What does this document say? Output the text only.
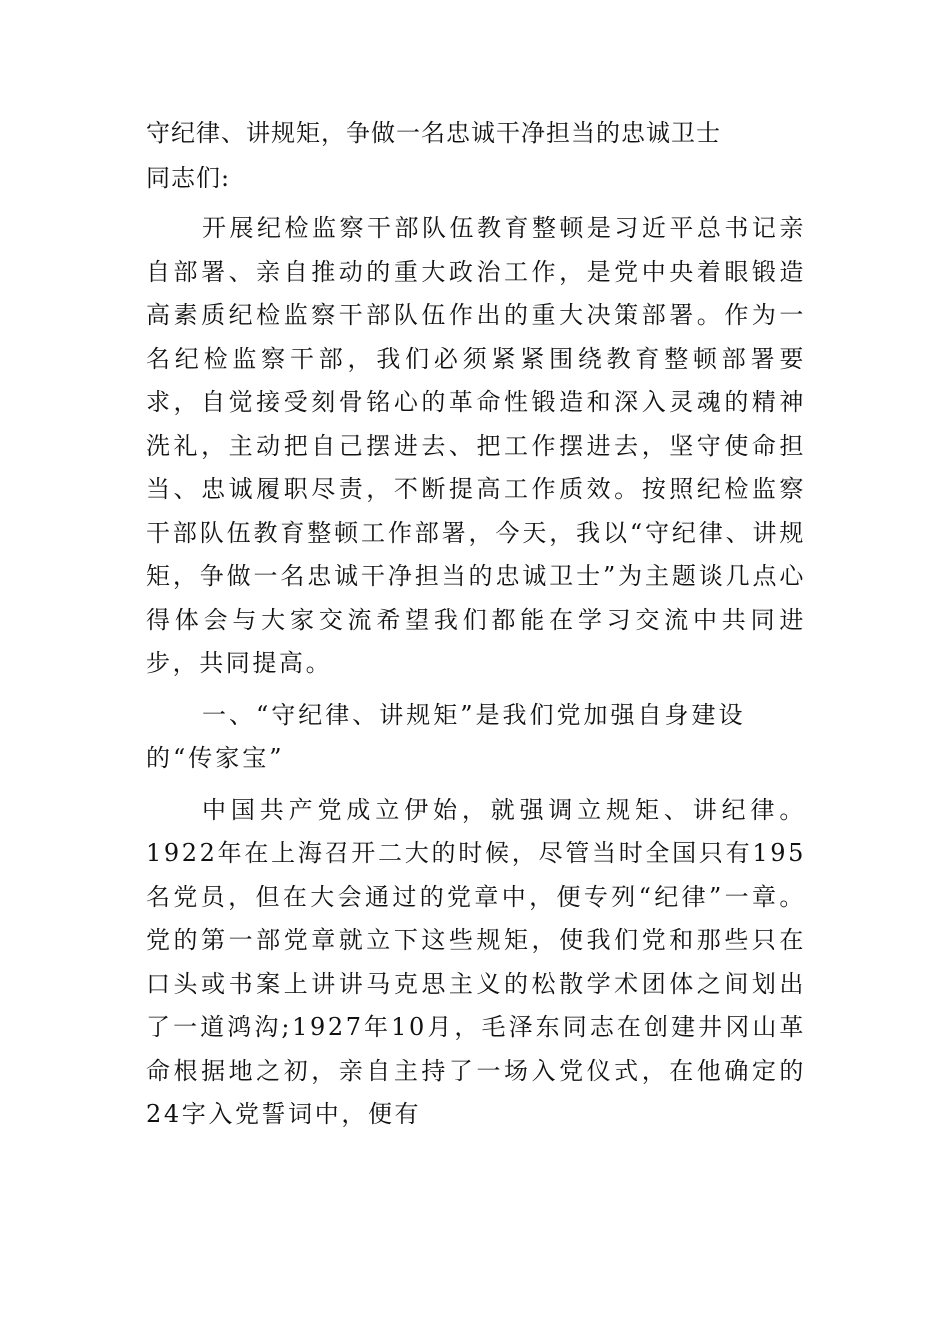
守纪律、讲规矩，争做一名忠诚干净担当的忠诚卫士
同志们:

开展纪检监察干部队伍教育整顿是习近平总书记亲自部署、亲自推动的重大政治工作，是党中央着眼锻造高素质纪检监察干部队伍作出的重大决策部署。作为一名纪检监察干部，我们必须紧紧围绕教育整顿部署要求，自觉接受刻骨铭心的革命性锻造和深入灵魂的精神洗礼，主动把自己摆进去、把工作摆进去，坚守使命担当、忠诚履职尽责，不断提高工作质效。按照纪检监察干部队伍教育整顿工作部署，今天，我以“守纪律、讲规矩，争做一名忠诚干净担当的忠诚卫士”为主题谈几点心得体会与大家交流希望我们都能在学习交流中共同进步，共同提高。

一、“守纪律、讲规矩”是我们党加强自身建设的“传家宝”

中国共产党成立伊始，就强调立规矩、讲纪律。1922年在上海召开二大的时候，尽管当时全国只有195名党员，但在大会通过的党章中，便专列“纪律”一章。党的第一部党章就立下这些规矩，使我们党和那些只在口头或书案上讲讲马克思主义的松散学术团体之间划出了一道鸿沟;1927年10月，毛泽东同志在创建井冈山革命根据地之初，亲自主持了一场入党仪式，在他确定的24字入党誓词中，便有
